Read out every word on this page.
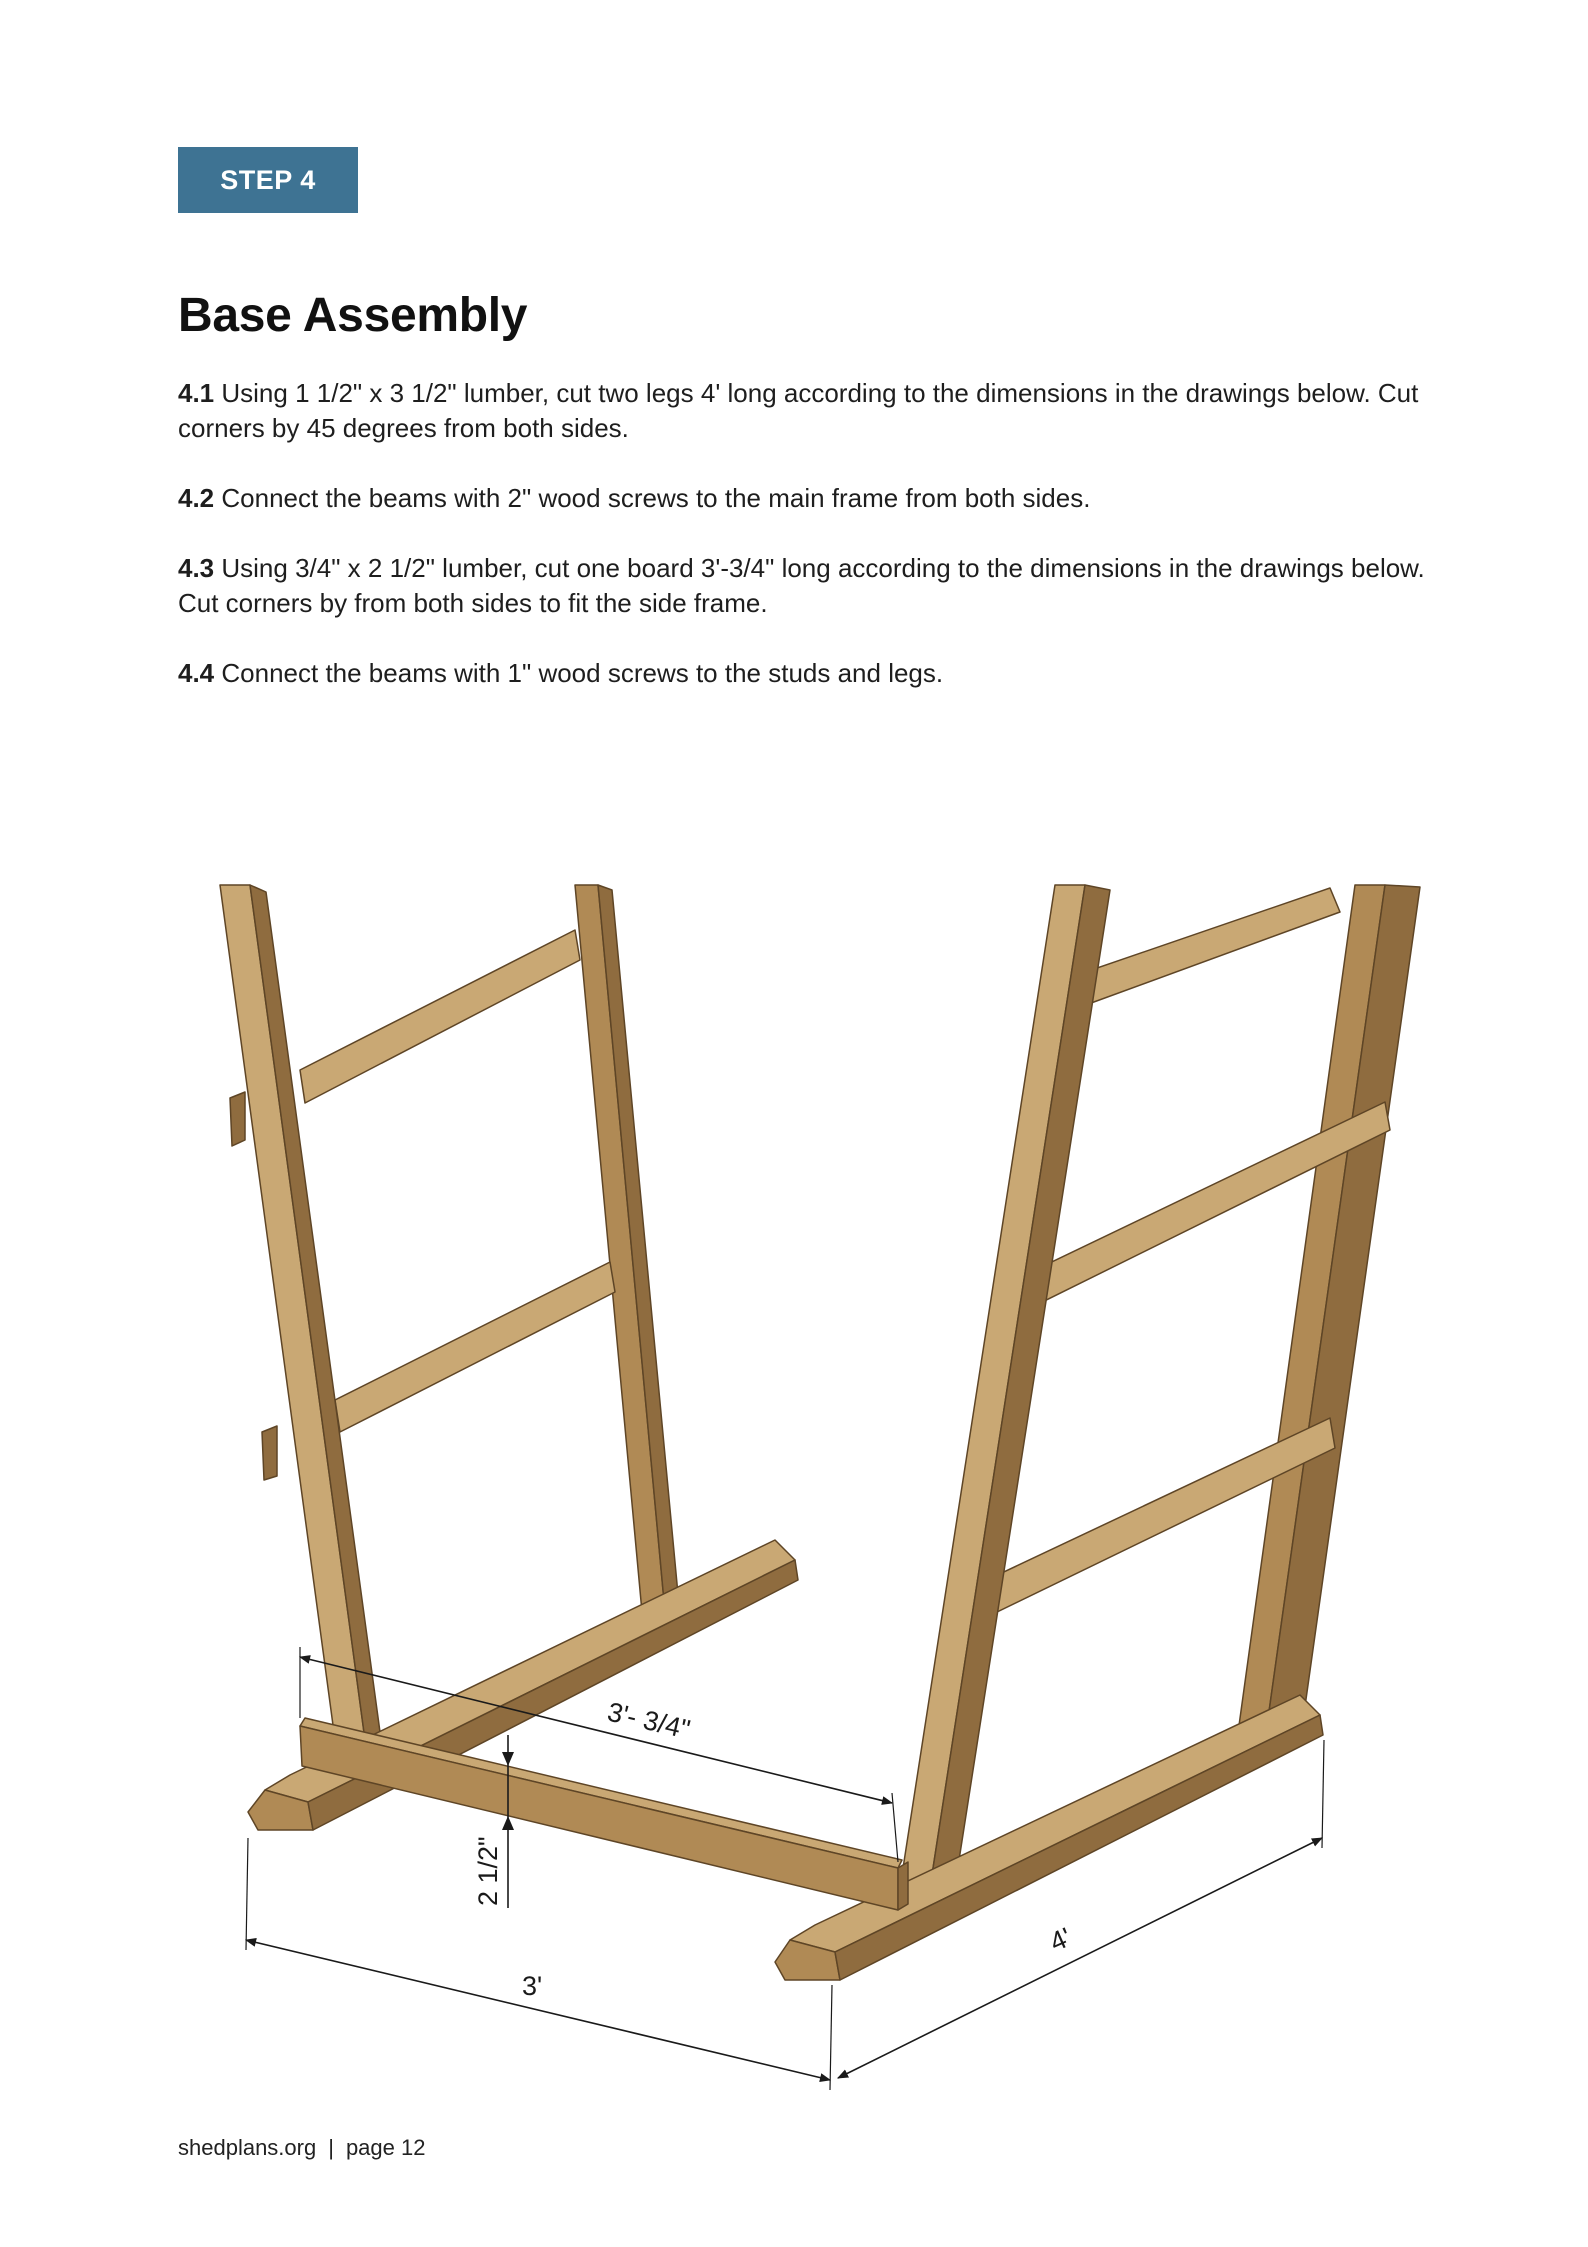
STEP 4
Base Assembly

4.1 Using 1 1/2" x 3 1/2" lumber, cut two legs 4' long according to the dimensions in the drawings below. Cut corners by 45 degrees from both sides.

4.2 Connect the beams with 2" wood screws to the main frame from both sides.

4.3 Using 3/4" x 2 1/2" lumber, cut one board 3'-3/4" long according to the dimensions in the drawings below. Cut corners by from both sides to fit the side frame.

4.4 Connect the beams with 1" wood screws to the studs and legs.

3'- 3/4"
2 1/2"
3'
4'
shedplans.org | page 12
